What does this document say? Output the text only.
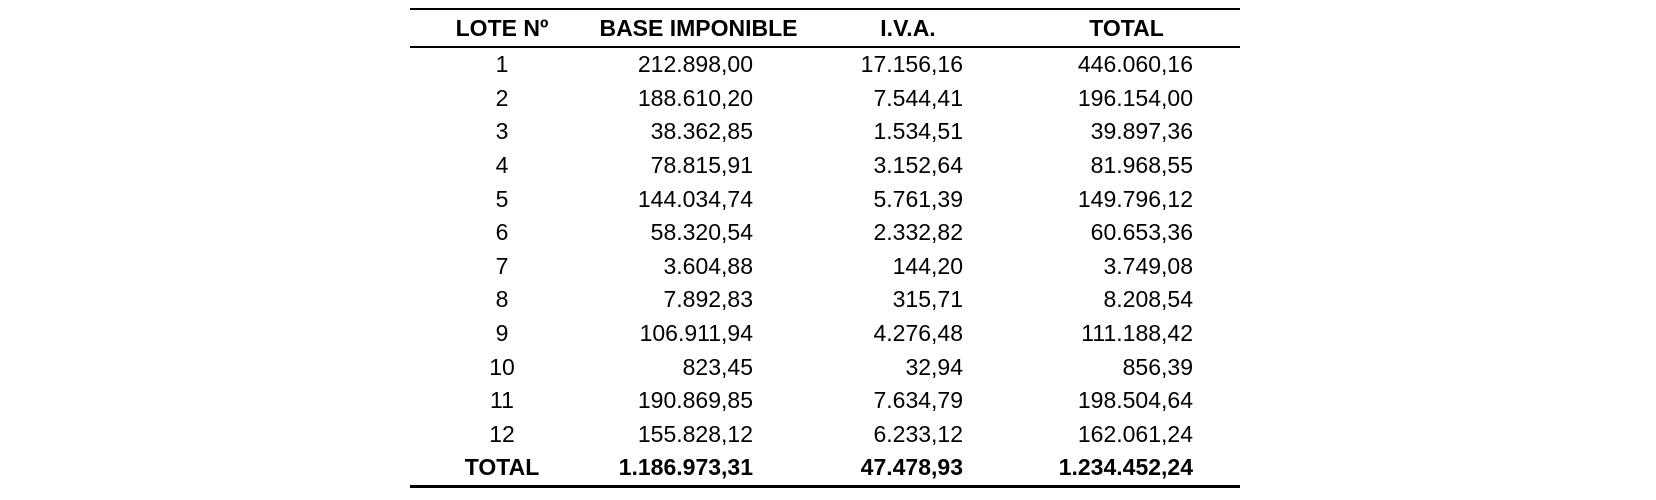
LOTE Nº	BASE IMPONIBLE	I.V.A.	TOTAL
1	212.898,00	17.156,16	446.060,16
2	188.610,20	7.544,41	196.154,00
3	38.362,85	1.534,51	39.897,36
4	78.815,91	3.152,64	81.968,55
5	144.034,74	5.761,39	149.796,12
6	58.320,54	2.332,82	60.653,36
7	3.604,88	144,20	3.749,08
8	7.892,83	315,71	8.208,54
9	106.911,94	4.276,48	111.188,42
10	823,45	32,94	856,39
11	190.869,85	7.634,79	198.504,64
12	155.828,12	6.233,12	162.061,24
TOTAL	1.186.973,31	47.478,93	1.234.452,24
